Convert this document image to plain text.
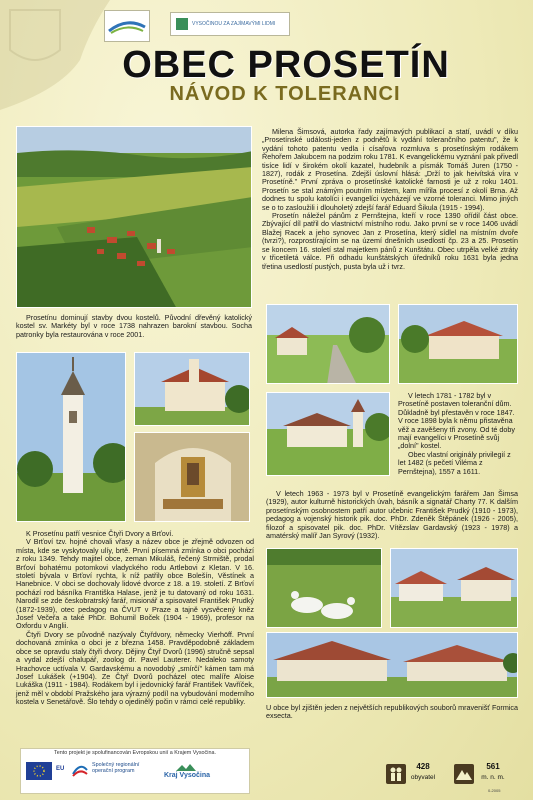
VYSOČINOU ZA ZAJÍMAVÝMI LIDMI
OBEC PROSETÍN
NÁVOD K TOLERANCI

Milena Šimsová, autorka řady zajímavých publikací a statí, uvádí v díku „Prosetínské události-jeden z podnětů k vydání tolerančního patentu", že k vydání tohoto patentu vedla i císařova rozmluva s prosetínským rodákem Řehořem Jakubcem na podzim roku 1781. K evangelickému vyznání pak přivedl tisíce lidí v širokém okolí kazatel, hudebník a písmák Tomáš Juren (1750 - 1827), rodák z Prosetína. Zdejší úslovní hlásá: „Drží to jak heivítská víra v Prosetíně." První zpráva o prosetínské katolické farnosti je už z roku 1401. Prosetín se stal známým poutním místem, kam mířila procesí z okolí Brna. Až dodnes tu spolu katolíci i evangelíci vycházejí ve vzorné toleranci. Mimo jiných se o to zasloužili i dlouholetý zdejší farář Eduard Šikula (1915 - 1994).

Prosetín náležel pánům z Pernštejna, kteří v roce 1390 ořídil část obce. Zbývající díl patřil do vlastnictví místního rodu. Jako první se v roce 1406 uvádí Blažej Racek a jeho synovec Jan z Prosetína, který sídlel na místním dvoře (tvrzi?), rozprostírajícím se na území dnešních usedlostí čp. 23 a 25. Prosetín se koncem 16. století stal majetkem pánů z Kunštátu. Obec utrpěla velké ztráty v třicetiletá válce. Při odhadu kunštátských úředníků roku 1631 byla jedna třetina usedlostí pustých, pusta byla už i tvrz.

Prosetínu dominují stavby dvou kostelů. Původní dřevěný katolický kostel sv. Markéty byl v roce 1738 nahrazen barokní stavbou. Socha patronky byla restaurována v roce 2001.

V letech 1781 - 1782 byl v Prosetíně postaven toleranční dům. Důkladně byl přestavěn v roce 1847. V roce 1898 byla k němu přistavěna věž a zavěšeny tři zvony. Od té doby mají evangelíci v Prosetíně svůj „dolní" kostel.

Obec vlastní originály privilegií z let 1482 (s pečetí Viléma z Pernštejna), 1557 a 1611.

V letech 1963 - 1973 byl v Prosetíně evangelickým farářem Jan Šimsa (1929), autor kulturně historických úvah, básník a signatář Charty 77. K dalším prosetínským osobnostem patří autor učebnic František Prudký (1910 - 1973), pedagog a vojenský historik pik. doc. PhDr. Zdeněk Štěpánek (1926 - 2005), filozof a spisovatel pik. doc. PhDr. Vítězslav Gardavský (1923 - 1978) a amatérský malíř Jan Syrový (1932).

K Prosetínu patří vesnice Čtyři Dvory a Brťoví.

V Brťoví tzv. hojné chovali vřasy a název obce je zřejmě odvozen od místa, kde se vyskytovaly ulíy, brtě. První písemná zmínka o obci pochází z roku 1349. Tehdy majitel obce, zeman Mikuláš, řečený Strmiště, prodal Brťoví bohatému potomkovi vladyckého rodu Artlebovi z Kletan. V 16. století bývala v Brťoví rychta, k níž patřily obce Bolešín, Věstínek a Hanebnice. V obci se dochovaly lidové dvorce z 18. a 19. století. Z Brťoví pochází rod básníka Františka Halase, jenž je tu datovaný od roku 1631. Narodil se zde českobratrský farář, misionář a spisovatel František Prudký (1872-1939), otec pedagog na ČVUT v Praze a tajně vysvěcený kněz Josef Večeřa a také PhDr. Bohumil Boček (1904 - 1969), profesor na Oxfordu v Anglii.

Čtyři Dvory se původně nazývaly Čtyřdvory, německy Vierhöff. První dochovaná zmínka o obci je z března 1458. Pravděpodobně základem obce se opravdu staly čtyři dvory. Dějiny Čtyř Dvorů (1996) stručně sepsal a vydal zdejší chalupář, zoolog dr. Pavel Lauterer. Nedaleko samoty Hrachovce uctívala V. Gardavskému a novodobý „smírčí" kámen tam má Josef Lukášek (+1904). Ze Čtyř Dvorů pocházel otec malíře Aloise Lukáška (1911 - 1984). Rodákem byl i jedovnický farář František Vavříček, jenž měl v období Pražského jara výrazný podíl na vybudování moderního kostela v Senetářově. Šlo tehdy o ojedinělý počin v rámci celé republiky.

U obce byl zjištěn jeden z největších republikových souborů mravenišť Formica exsecta.

Tento projekt je spolufinancován Evropskou unií a Krajem Vysočina.
EU
Společný regionální operační program
Kraj Vysočina
428
obyvatel
561
m. n. m.
0-2005
